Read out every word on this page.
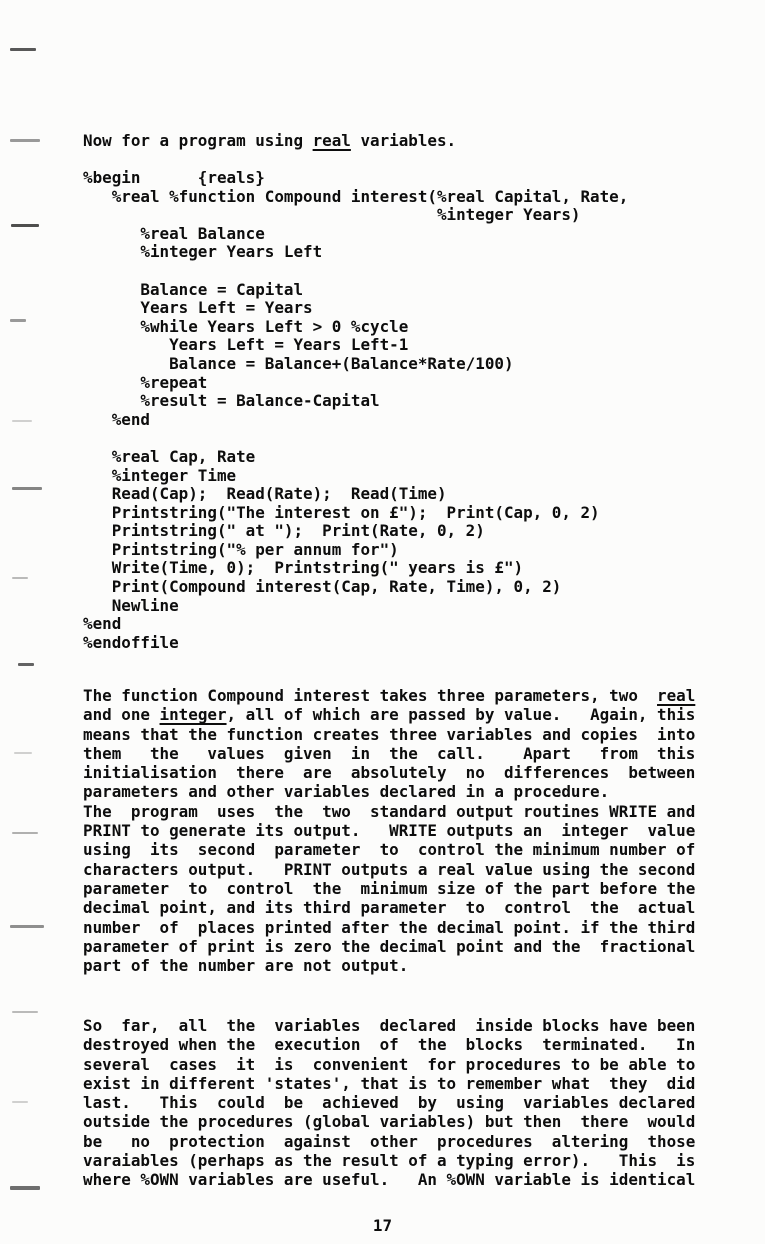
Now for a program using real variables.
%begin      {reals}
%real %function Compound interest(%real Capital, Rate,
%integer Years)
%real Balance
%integer Years Left

Balance = Capital
Years Left = Years
%while Years Left > 0 %cycle
Years Left = Years Left-1
Balance = Balance+(Balance*Rate/100)
%repeat
%result = Balance-Capital
%end

%real Cap, Rate
%integer Time
Read(Cap);  Read(Rate);  Read(Time)
Printstring("The interest on £");  Print(Cap, 0, 2)
Printstring(" at ");  Print(Rate, 0, 2)
Printstring("% per annum for")
Write(Time, 0);  Printstring(" years is £")
Print(Compound interest(Cap, Rate, Time), 0, 2)
Newline
%end
%endoffile
The function Compound interest takes three parameters, two  real
and one integer, all of which are passed by value.   Again, this
means that the function creates three variables and copies  into
them   the   values  given  in  the  call.    Apart   from  this
initialisation  there  are  absolutely  no  differences  between
parameters and other variables declared in a procedure.
The  program  uses  the  two  standard output routines WRITE and
PRINT to generate its output.   WRITE outputs an  integer  value
using  its  second  parameter  to  control the minimum number of
characters output.   PRINT outputs a real value using the second
parameter  to  control  the  minimum size of the part before the
decimal point, and its third parameter  to  control  the  actual
number  of  places printed after the decimal point. if the third
parameter of print is zero the decimal point and the  fractional
part of the number are not output.
So  far,  all  the  variables  declared  inside blocks have been
destroyed when the  execution  of  the  blocks  terminated.   In
several  cases  it  is  convenient  for procedures to be able to
exist in different 'states', that is to remember what  they  did
last.   This  could  be  achieved  by  using  variables declared
outside the procedures (global variables) but then  there  would
be   no  protection  against  other  procedures  altering  those
varaiables (perhaps as the result of a typing error).   This  is
where %OWN variables are useful.   An %OWN variable is identical
17
